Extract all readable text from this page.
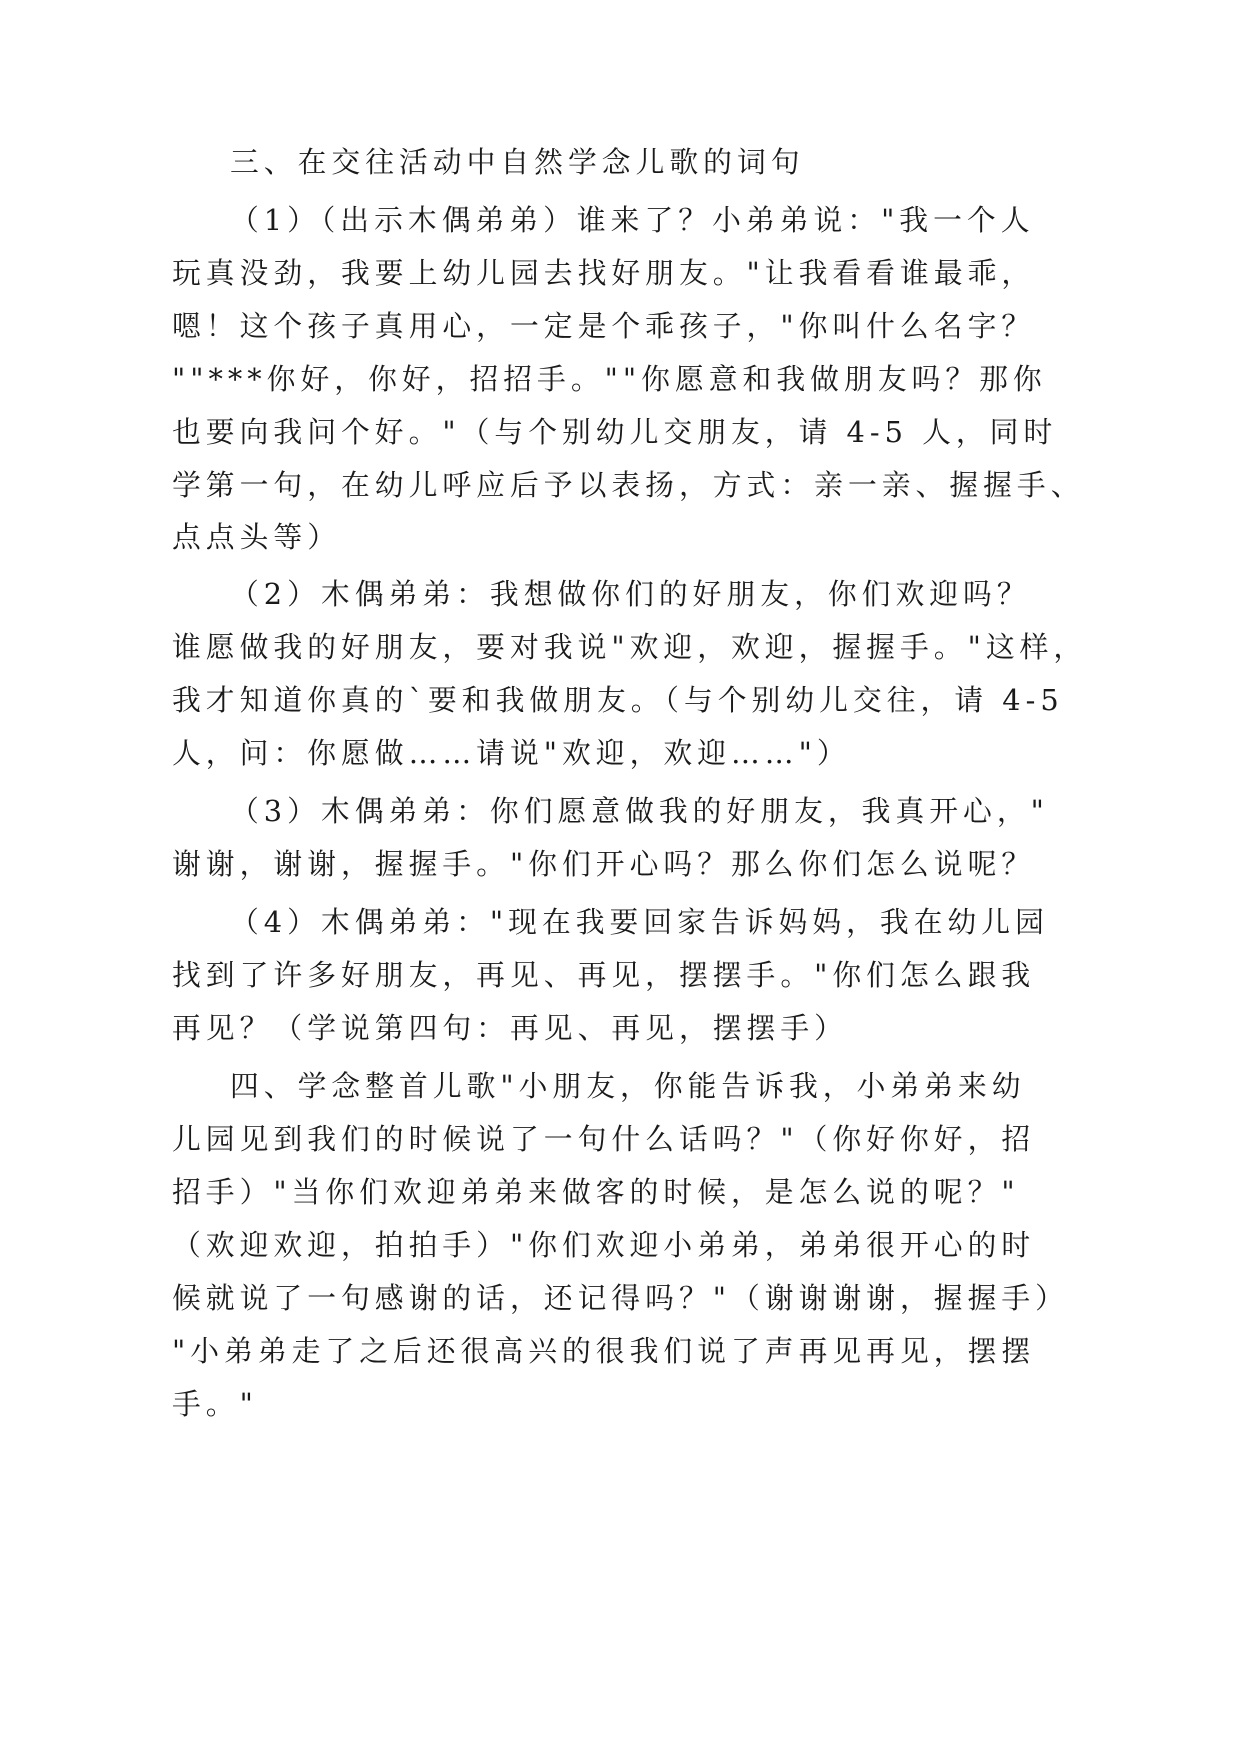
三、在交往活动中自然学念儿歌的词句
（1）（出示木偶弟弟）谁来了？小弟弟说："我一个人
玩真没劲，我要上幼儿园去找好朋友。"让我看看谁最乖，
嗯！这个孩子真用心，一定是个乖孩子，"你叫什么名字？
""***你好，你好，招招手。""你愿意和我做朋友吗？那你
也要向我问个好。"（与个别幼儿交朋友，请 4-5 人，同时
学第一句，在幼儿呼应后予以表扬，方式：亲一亲、握握手、
点点头等）
（2）木偶弟弟：我想做你们的好朋友，你们欢迎吗？
谁愿做我的好朋友，要对我说"欢迎，欢迎，握握手。"这样，
我才知道你真的`要和我做朋友。（与个别幼儿交往，请 4-5
人，问：你愿做……请说"欢迎，欢迎……"）
（3）木偶弟弟：你们愿意做我的好朋友，我真开心，"
谢谢，谢谢，握握手。"你们开心吗？那么你们怎么说呢？
（4）木偶弟弟："现在我要回家告诉妈妈，我在幼儿园
找到了许多好朋友，再见、再见，摆摆手。"你们怎么跟我
再见？（学说第四句：再见、再见，摆摆手）
四、学念整首儿歌"小朋友，你能告诉我，小弟弟来幼
儿园见到我们的时候说了一句什么话吗？"（你好你好，招
招手）"当你们欢迎弟弟来做客的时候，是怎么说的呢？"
（欢迎欢迎，拍拍手）"你们欢迎小弟弟，弟弟很开心的时
候就说了一句感谢的话，还记得吗？"（谢谢谢谢，握握手）
"小弟弟走了之后还很高兴的很我们说了声再见再见，摆摆
手。"
